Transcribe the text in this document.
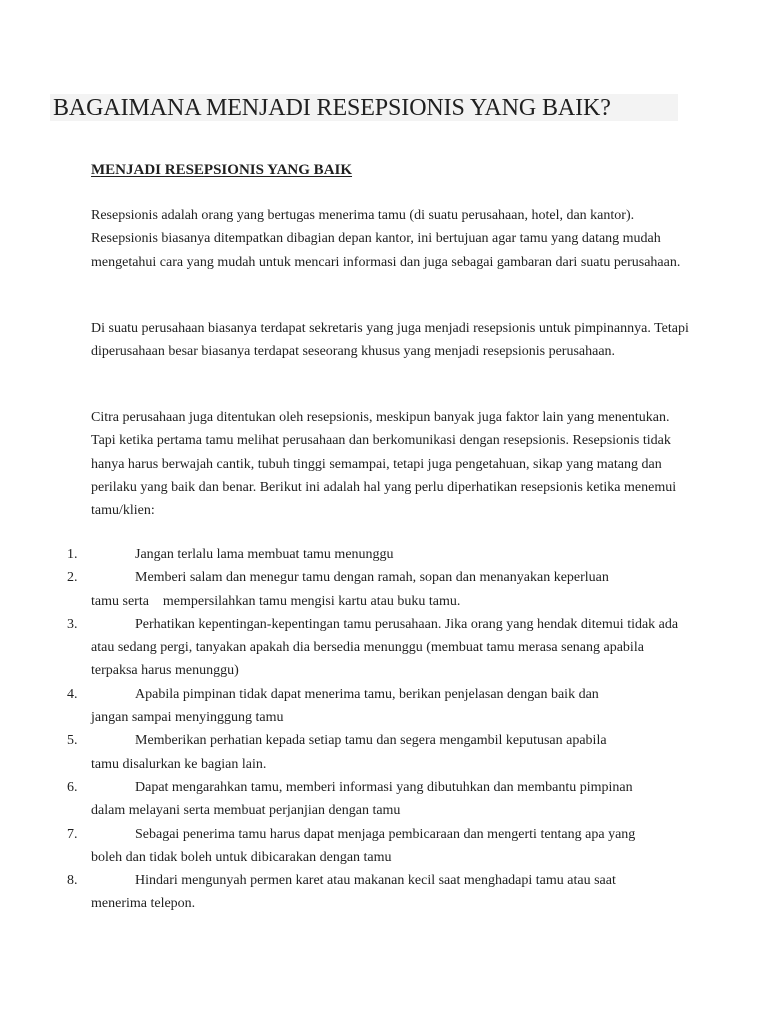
BAGAIMANA MENJADI RESEPSIONIS YANG BAIK?
MENJADI RESEPSIONIS YANG BAIK

Resepsionis adalah orang yang bertugas menerima tamu (di suatu perusahaan, hotel, dan kantor). Resepsionis biasanya ditempatkan dibagian depan kantor, ini bertujuan agar tamu yang datang mudah mengetahui cara yang mudah untuk mencari informasi dan juga sebagai gambaran dari suatu perusahaan.

Di suatu perusahaan biasanya terdapat sekretaris yang juga menjadi resepsionis untuk pimpinannya. Tetapi diperusahaan besar biasanya terdapat seseorang khusus yang menjadi resepsionis perusahaan.

Citra perusahaan juga ditentukan oleh resepsionis, meskipun banyak juga faktor lain yang menentukan. Tapi ketika pertama tamu melihat perusahaan dan berkomunikasi dengan resepsionis. Resepsionis tidak hanya harus berwajah cantik, tubuh tinggi semampai, tetapi juga pengetahuan, sikap yang matang dan perilaku yang baik dan benar. Berikut ini adalah hal yang perlu diperhatikan resepsionis ketika menemui tamu/klien:

1.	Jangan terlalu lama membuat tamu menunggu
2.	Memberi salam dan menegur tamu dengan ramah, sopan dan menanyakan keperluan
tamu serta mempersilahkan tamu mengisi kartu atau buku tamu.
3.	Perhatikan kepentingan-kepentingan tamu perusahaan. Jika orang yang hendak ditemui tidak ada atau sedang pergi, tanyakan apakah dia bersedia menunggu (membuat tamu merasa senang apabila terpaksa harus menunggu)
4.	Apabila pimpinan tidak dapat menerima tamu, berikan penjelasan dengan baik dan
jangan sampai menyinggung tamu
5.	Memberikan perhatian kepada setiap tamu dan segera mengambil keputusan apabila
tamu disalurkan ke bagian lain.
6.	Dapat mengarahkan tamu, memberi informasi yang dibutuhkan dan membantu pimpinan
dalam melayani serta membuat perjanjian dengan tamu
7.	Sebagai penerima tamu harus dapat menjaga pembicaraan dan mengerti tentang apa yang
boleh dan tidak boleh untuk dibicarakan dengan tamu
8.	Hindari mengunyah permen karet atau makanan kecil saat menghadapi tamu atau saat
menerima telepon.
